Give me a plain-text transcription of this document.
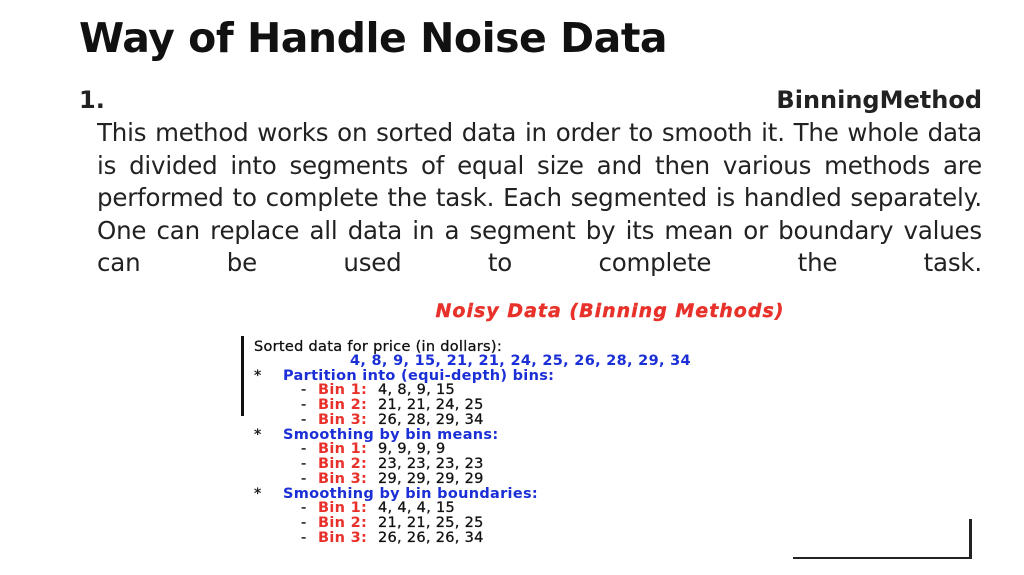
Way of Handle Noise Data
1.	BinningMethod

This method works on sorted data in order to smooth it. The whole data is divided into segments of equal size and then various methods are performed to complete the task. Each segmented is handled separately. One can replace all data in a segment by its mean or boundary values can be used to complete the task.

Noisy Data (Binning Methods)
Sorted data for price (in dollars):
4, 8, 9, 15, 21, 21, 24, 25, 26, 28, 29, 34
* Partition into (equi-depth) bins:
- Bin 1: 4, 8, 9, 15
- Bin 2: 21, 21, 24, 25
- Bin 3: 26, 28, 29, 34
* Smoothing by bin means:
- Bin 1: 9, 9, 9, 9
- Bin 2: 23, 23, 23, 23
- Bin 3: 29, 29, 29, 29
* Smoothing by bin boundaries:
- Bin 1: 4, 4, 4, 15
- Bin 2: 21, 21, 25, 25
- Bin 3: 26, 26, 26, 34
